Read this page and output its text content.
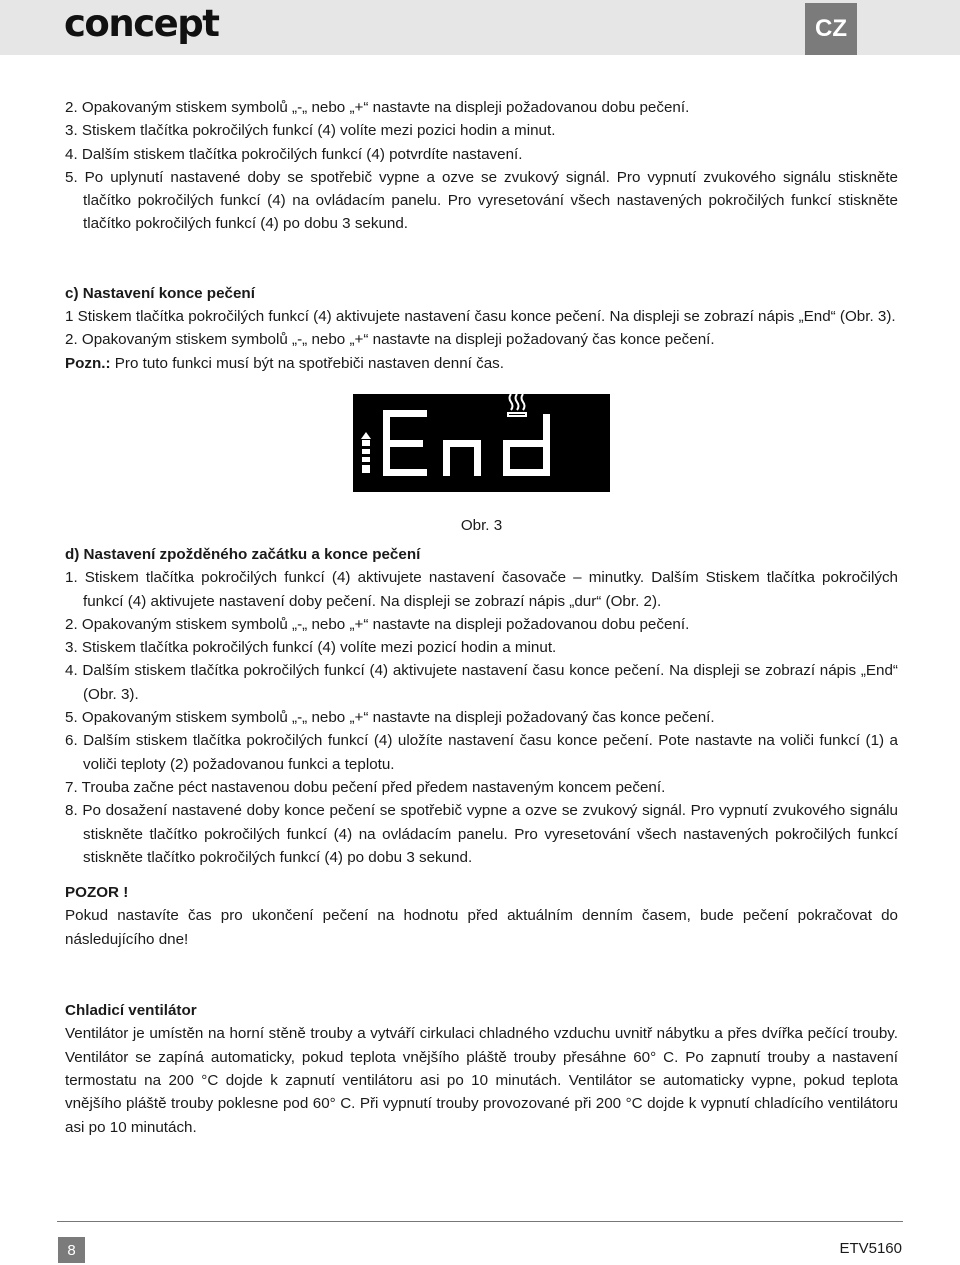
concept	CZ
2. Opakovaným stiskem symbolů „-„ nebo „+“ nastavte na displeji požadovanou dobu pečení.
3. Stiskem tlačítka pokročilých funkcí (4) volíte mezi pozici hodin a minut.
4. Dalším stiskem tlačítka pokročilých funkcí (4) potvrdíte nastavení.
5. Po uplynutí nastavené doby se spotřebič vypne a ozve se zvukový signál. Pro vypnutí zvukového signálu stiskněte tlačítko pokročilých funkcí (4) na ovládacím panelu. Pro vyresetování všech nastavených pokročilých funkcí stiskněte tlačítko pokročilých funkcí (4) po dobu 3 sekund.
c) Nastavení konce pečení
1 Stiskem tlačítka pokročilých funkcí (4) aktivujete nastavení času konce pečení. Na displeji se zobrazí nápis „End“ (Obr. 3).
2. Opakovaným stiskem symbolů „-„ nebo „+“ nastavte na displeji požadovaný čas konce pečení.
Pozn.: Pro tuto funkci musí být na spotřebiči nastaven denní čas.
Obr. 3
d) Nastavení zpožděného začátku a konce pečení
1. Stiskem tlačítka pokročilých funkcí (4) aktivujete nastavení časovače – minutky. Dalším Stiskem tlačítka pokročilých funkcí (4) aktivujete nastavení doby pečení. Na displeji se zobrazí nápis „dur“ (Obr. 2).
2. Opakovaným stiskem symbolů „-„ nebo „+“ nastavte na displeji požadovanou dobu pečení.
3. Stiskem tlačítka pokročilých funkcí (4) volíte mezi pozicí hodin a minut.
4. Dalším stiskem tlačítka pokročilých funkcí (4) aktivujete nastavení času konce pečení. Na displeji se zobrazí nápis „End“ (Obr. 3).
5. Opakovaným stiskem symbolů „-„ nebo „+“ nastavte na displeji požadovaný čas konce pečení.
6. Dalším stiskem tlačítka pokročilých funkcí (4) uložíte nastavení času konce pečení. Pote nastavte na voliči funkcí (1) a voliči teploty (2) požadovanou funkci a teplotu.
7. Trouba začne péct nastavenou dobu pečení před předem nastaveným koncem pečení.
8. Po dosažení nastavené doby konce pečení se spotřebič vypne a ozve se zvukový signál. Pro vypnutí zvukového signálu stiskněte tlačítko pokročilých funkcí (4) na ovládacím panelu. Pro vyresetování všech nastavených pokročilých funkcí stiskněte tlačítko pokročilých funkcí (4) po dobu 3 sekund.
POZOR !
Pokud nastavíte čas pro ukončení pečení na hodnotu před aktuálním denním časem, bude pečení pokračovat do následujícího dne!
Chladicí ventilátor
Ventilátor je umístěn na horní stěně trouby a vytváří cirkulaci chladného vzduchu uvnitř nábytku a přes dvířka pečící trouby. Ventilátor se zapíná automaticky, pokud teplota vnějšího pláště trouby přesáhne 60° C. Po zapnutí trouby a nastavení termostatu na 200 °C dojde k zapnutí ventilátoru asi po 10 minutách. Ventilátor se automaticky vypne, pokud teplota vnějšího pláště trouby poklesne pod 60° C. Při vypnutí trouby provozované při 200 °C dojde k vypnutí chladícího ventilátoru asi po 10 minutách.
8	ETV5160
